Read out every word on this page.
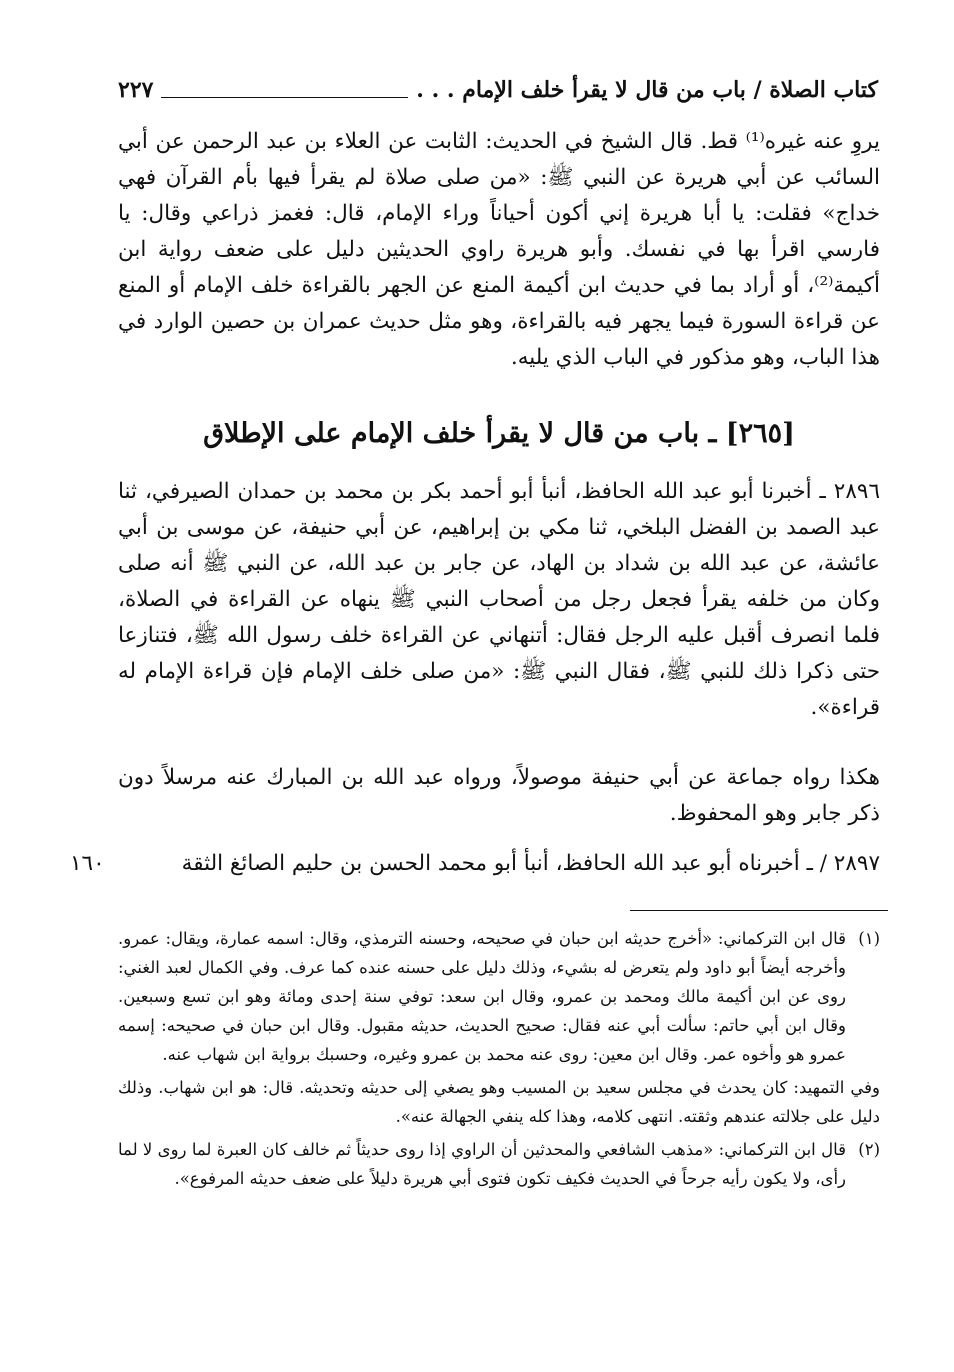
كتاب الصلاة / باب من قال لا يقرأ خلف الإمام . . .
٢٢٧
يروِ عنه غيره⁽¹⁾ قط. قال الشيخ في الحديث: الثابت عن العلاء بن عبد الرحمن عن أبي السائب عن أبي هريرة عن النبي ﷺ: «من صلى صلاة لم يقرأ فيها بأم القرآن فهي خداج» فقلت: يا أبا هريرة إني أكون أحياناً وراء الإمام، قال: فغمز ذراعي وقال: يا فارسي اقرأ بها في نفسك. وأبو هريرة راوي الحديثين دليل على ضعف رواية ابن أكيمة⁽²⁾، أو أراد بما في حديث ابن أكيمة المنع عن الجهر بالقراءة خلف الإمام أو المنع عن قراءة السورة فيما يجهر فيه بالقراءة، وهو مثل حديث عمران بن حصين الوارد في هذا الباب، وهو مذكور في الباب الذي يليه.
[٢٦٥] ـ باب من قال لا يقرأ خلف الإمام على الإطلاق
٢٨٩٦ ـ أخبرنا أبو عبد الله الحافظ، أنبأ أبو أحمد بكر بن محمد بن حمدان الصيرفي، ثنا عبد الصمد بن الفضل البلخي، ثنا مكي بن إبراهيم، عن أبي حنيفة، عن موسى بن أبي عائشة، عن عبد الله بن شداد بن الهاد، عن جابر بن عبد الله، عن النبي ﷺ أنه صلى وكان من خلفه يقرأ فجعل رجل من أصحاب النبي ﷺ ينهاه عن القراءة في الصلاة، فلما انصرف أقبل عليه الرجل فقال: أتنهاني عن القراءة خلف رسول الله ﷺ، فتنازعا حتى ذكرا ذلك للنبي ﷺ، فقال النبي ﷺ: «من صلى خلف الإمام فإن قراءة الإمام له قراءة».
هكذا رواه جماعة عن أبي حنيفة موصولاً، ورواه عبد الله بن المبارك عنه مرسلاً دون ذكر جابر وهو المحفوظ.
٢٨٩٧ / ـ أخبرناه أبو عبد الله الحافظ، أنبأ أبو محمد الحسن بن حليم الصائغ الثقة
١٦٠
(١)
قال ابن التركماني: «أخرج حديثه ابن حبان في صحيحه، وحسنه الترمذي، وقال: اسمه عمارة، ويقال: عمرو. وأخرجه أيضاً أبو داود ولم يتعرض له بشيء، وذلك دليل على حسنه عنده كما عرف. وفي الكمال لعبد الغني: روى عن ابن أكيمة مالك ومحمد بن عمرو، وقال ابن سعد: توفي سنة إحدى ومائة وهو ابن تسع وسبعين. وقال ابن أبي حاتم: سألت أبي عنه فقال: صحيح الحديث، حديثه مقبول. وقال ابن حبان في صحيحه: إسمه عمرو هو وأخوه عمر. وقال ابن معين: روى عنه محمد بن عمرو وغيره، وحسبك برواية ابن شهاب عنه.
وفي التمهيد: كان يحدث في مجلس سعيد بن المسيب وهو يصغي إلى حديثه وتحديثه. قال: هو ابن شهاب. وذلك دليل على جلالته عندهم وثقته. انتهى كلامه، وهذا كله ينفي الجهالة عنه».
(٢)
قال ابن التركماني: «مذهب الشافعي والمحدثين أن الراوي إذا روى حديثاً ثم خالف كان العبرة لما روى لا لما رأى، ولا يكون رأيه جرحاً في الحديث فكيف تكون فتوى أبي هريرة دليلاً على ضعف حديثه المرفوع».
